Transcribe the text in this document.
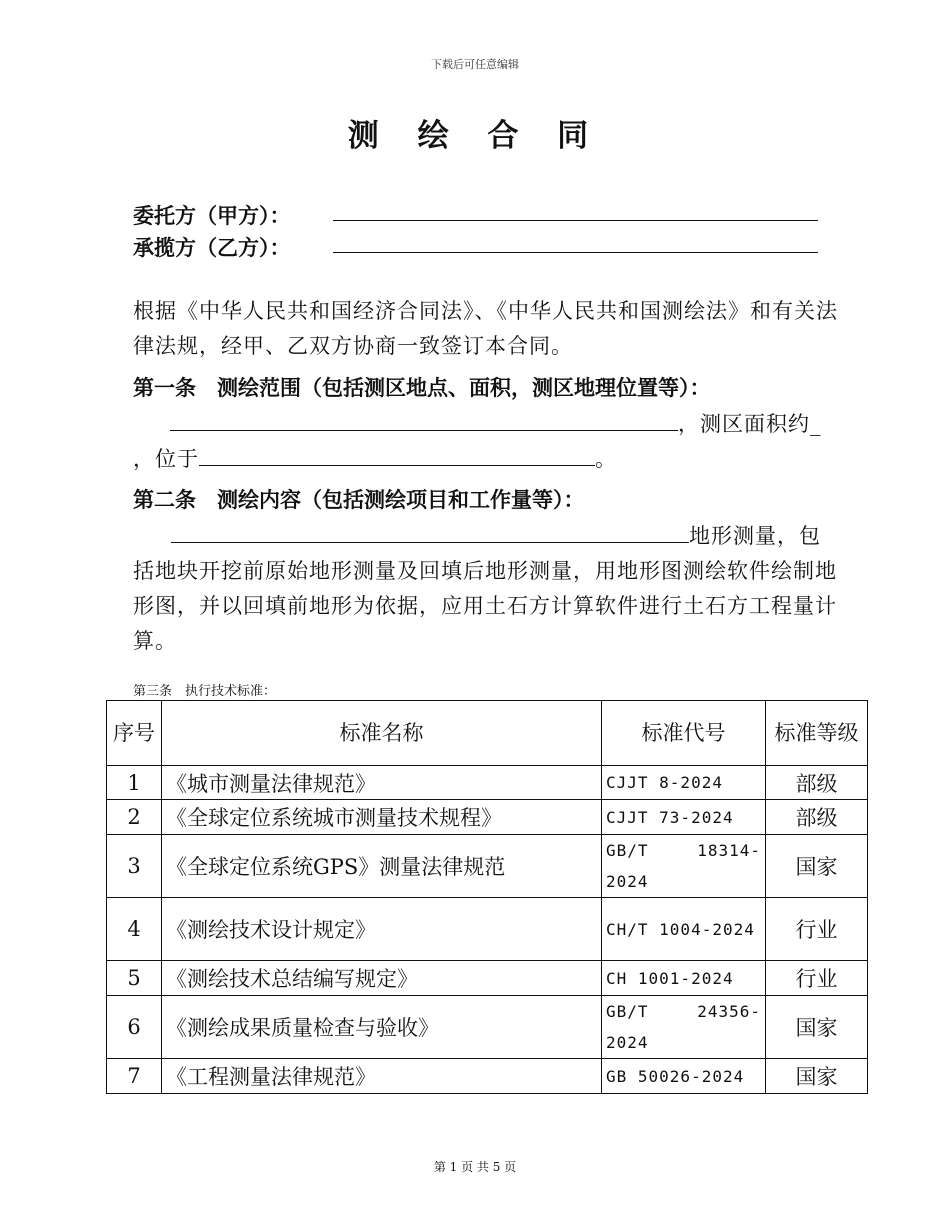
下载后可任意编辑
测 绘 合 同
委托方（甲方）：
承揽方（乙方）：
根据《中华人民共和国经济合同法》、《中华人民共和国测绘法》和有关法律法规，经甲、乙双方协商一致签订本合同。
第一条　测绘范围（包括测区地点、面积，测区地理位置等）：
，测区面积约_
，位于	。
第二条　测绘内容（包括测绘项目和工作量等）：
地形测量，包
括地块开挖前原始地形测量及回填后地形测量，用地形图测绘软件绘制地形图，并以回填前地形为依据，应用土石方计算软件进行土石方工程量计算。
第三条　执行技术标准：
序号	标准名称	标准代号	标准等级
1	《城市测量法律规范》	CJJT 8-2024	部级
2	《全球定位系统城市测量技术规程》	CJJT 73-2024	部级
3	《全球定位系统GPS》测量法律规范	GB/T 18314-2024	国家
4	《测绘技术设计规定》	CH/T 1004-2024	行业
5	《测绘技术总结编写规定》	CH 1001-2024	行业
6	《测绘成果质量检查与验收》	GB/T 24356-2024	国家
7	《工程测量法律规范》	GB 50026-2024	国家
第 1 页 共 5 页
